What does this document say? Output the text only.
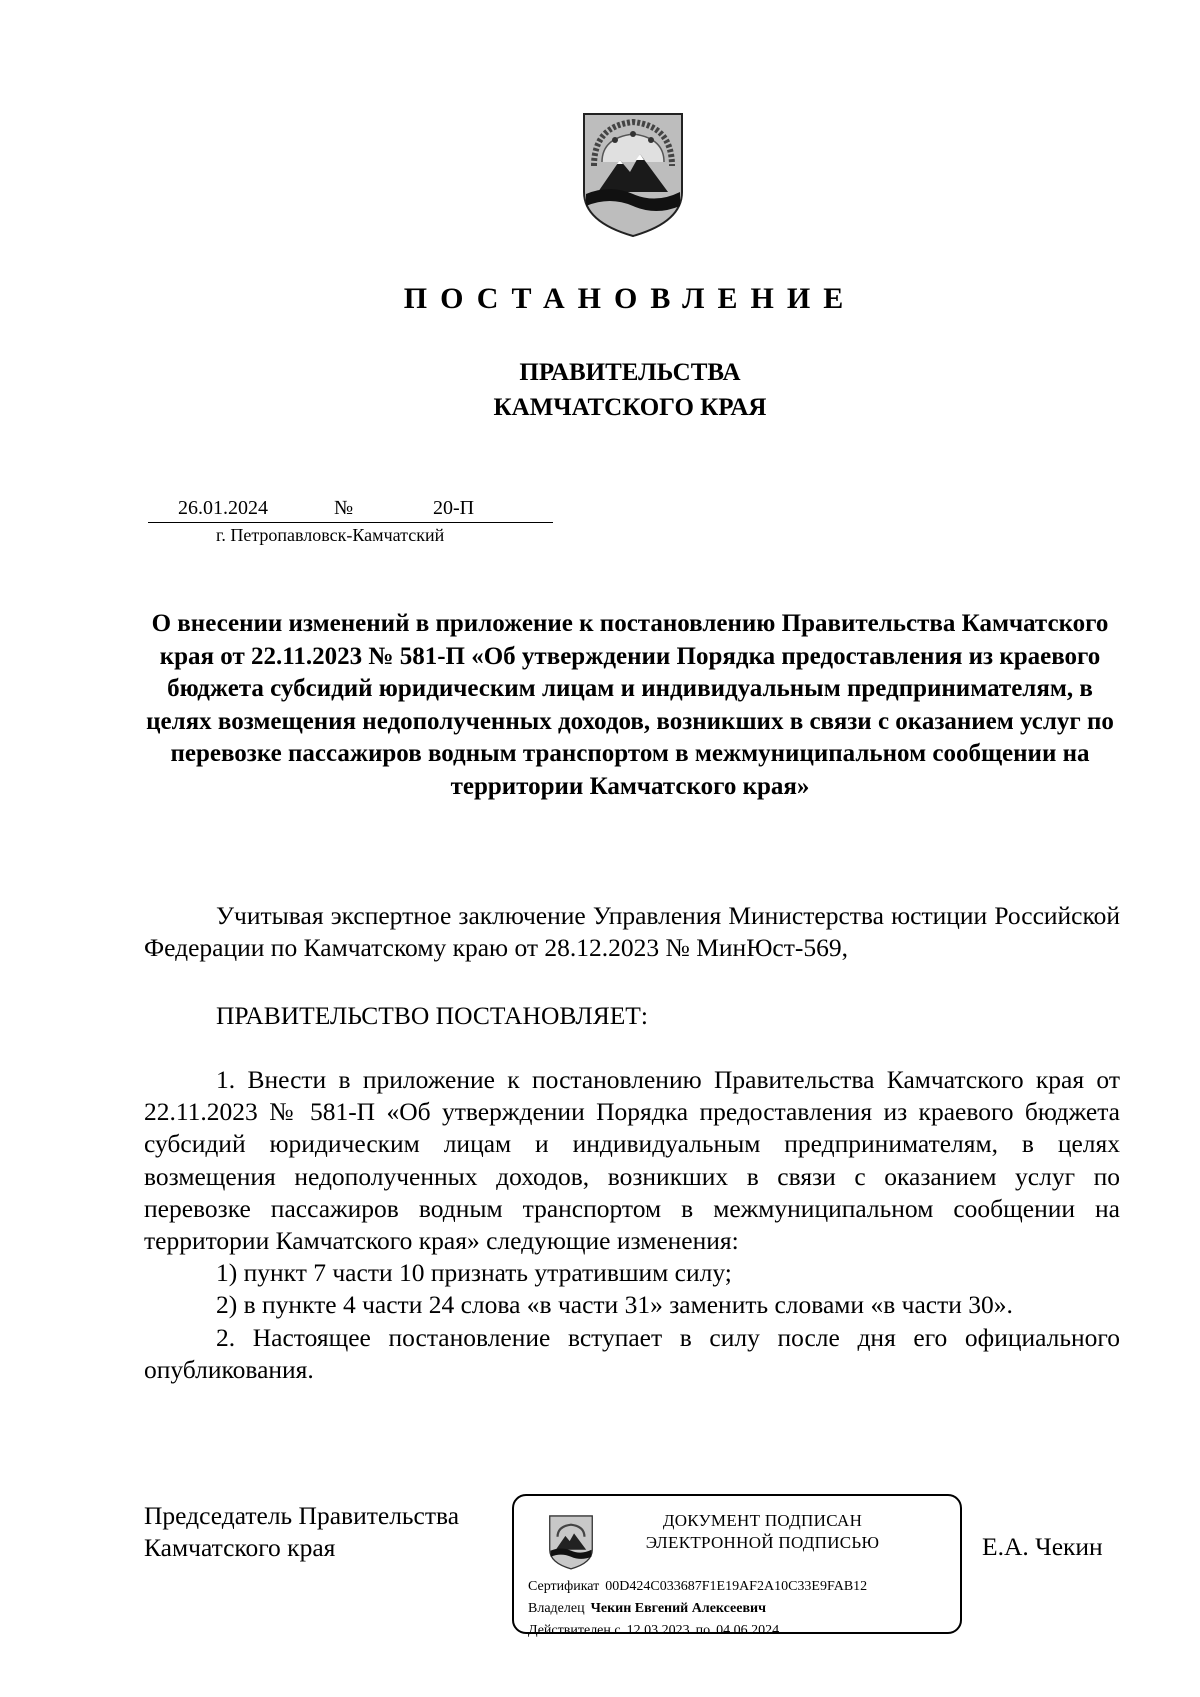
ПОСТАНОВЛЕНИЕ
ПРАВИТЕЛЬСТВА
КАМЧАТСКОГО КРАЯ
26.01.2024	№	20-П
г. Петропавловск-Камчатский
О внесении изменений в приложение к постановлению Правительства Камчатского края от 22.11.2023 № 581-П «Об утверждении Порядка предоставления из краевого бюджета субсидий юридическим лицам и индивидуальным предпринимателям, в целях возмещения недополученных доходов, возникших в связи с оказанием услуг по перевозке пассажиров водным транспортом в межмуниципальном сообщении на территории Камчатского края»

Учитывая экспертное заключение Управления Министерства юстиции Российской Федерации по Камчатскому краю от 28.12.2023 № МинЮст-569,

ПРАВИТЕЛЬСТВО ПОСТАНОВЛЯЕТ:

1. Внести в приложение к постановлению Правительства Камчатского края от 22.11.2023 № 581-П «Об утверждении Порядка предоставления из краевого бюджета субсидий юридическим лицам и индивидуальным предпринимателям, в целях возмещения недополученных доходов, возникших в связи с оказанием услуг по перевозке пассажиров водным транспортом в межмуниципальном сообщении на территории Камчатского края» следующие изменения:

1) пункт 7 части 10 признать утратившим силу;

2) в пункте 4 части 24 слова «в части 31» заменить словами «в части 30».

2. Настоящее постановление вступает в силу после дня его официального опубликования.

Председатель Правительства
Камчатского края
ДОКУМЕНТ ПОДПИСАН
ЭЛЕКТРОННОЙ ПОДПИСЬЮ
Сертификат 00D424C033687F1E19AF2A10C33E9FAB12
Владелец Чекин Евгений Алексеевич
Действителен с 12.03.2023 по 04.06.2024
Е.А. Чекин
